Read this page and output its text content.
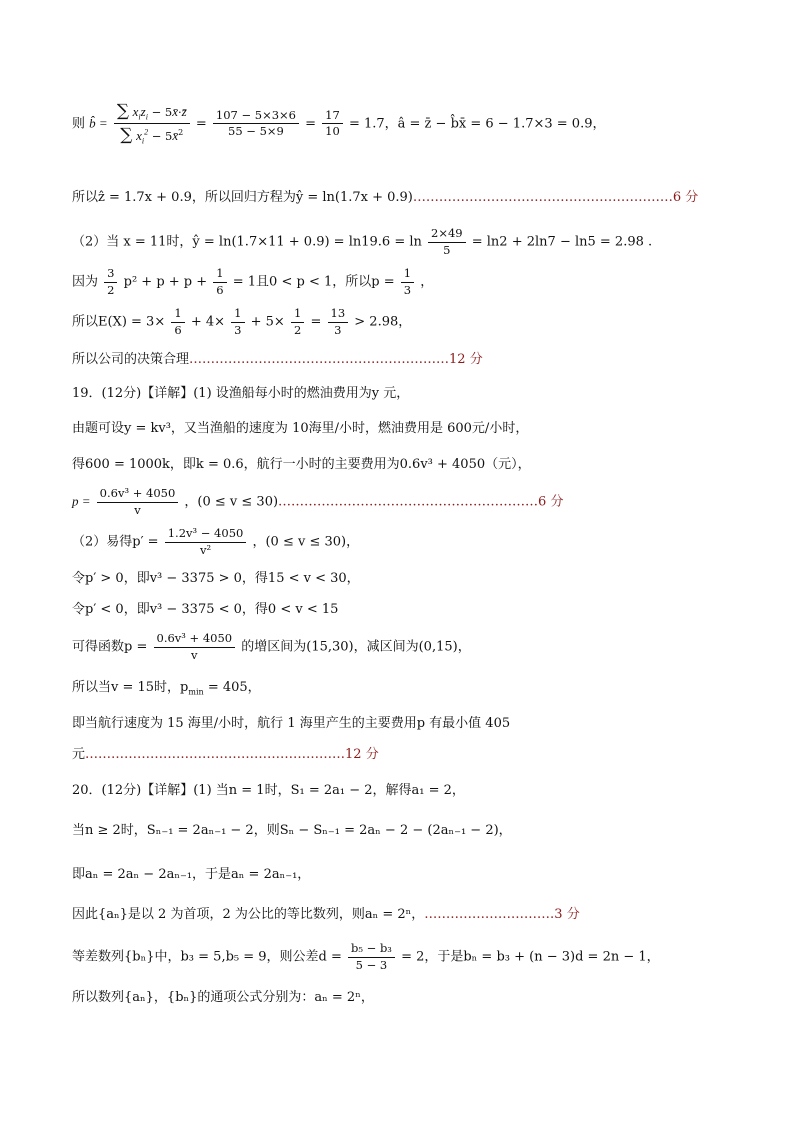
则 b̂ = $\frac{\sum x_iz_i - 5x̄\cdot z̄}{\sum x_i^2 - 5x̄^2} = \frac{107 - 5\times 3\times 6}{55 - 5\times 9} = \frac{17}{10} = 1.7$，â = z̄ − b̂x̄ = 6 − 1.7×3 = 0.9，
所以ẑ = 1.7x + 0.9，所以回归方程为ŷ = ln(1.7x + 0.9)……………………………………………………6 分
（2）当 x = 11时，ŷ = $\ln(1.7\times 11 + 0.9) = \ln 19.6 = \ln \frac{2\times 49}{5} = \ln 2 + 2\ln 7 - \ln 5 = 2.98$ .
因为 $\frac{3}{2} p^2 + p + p + \frac{1}{6} = 1$且0 < p < 1，所以$p = \frac{1}{3}$ ，
所以$E(X) = 3\times \frac{1}{6} + 4\times \frac{1}{3} + 5\times \frac{1}{2} = \frac{13}{3} > 2.98$，
所以公司的决策合理……………………………………………………12 分
19．(12分)【详解】(1) 设渔船每小时的燃油费用为y 元，
由题可设y = kv³，又当渔船的速度为 10海里/小时，燃油费用是 600元/小时，
得600 = 1000k，即k = 0.6，航行一小时的主要费用为0.6v³ + 4050（元），
$p = \frac{\text{0.6v³ + 4050}}{v}$ ，(0 ≤ v ≤ 30)……………………………………………………6 分
（2）易得$p' = \frac{\text{1.2v³ − 4050}}{\text{v²}}$ ，(0 ≤ v ≤ 30)，
令p′ > 0，即v³ − 3375 > 0，得15 < v < 30，
令p′ < 0，即v³ − 3375 < 0，得0 < v < 15
可得函数$p = \frac{\text{0.6v³ + 4050}}{v}$ 的增区间为(15,30)，减区间为(0,15)，
所以当v = 15时，$p_{min} = 405$，
即当航行速度为 15 海里/小时，航行 1 海里产生的主要费用p 有最小值 405
元……………………………………………………12 分
20．(12分)【详解】(1) 当n = 1时，S₁ = 2a₁ − 2，解得a₁ = 2，
当n ≥ 2时，Sₙ₋₁ = 2aₙ₋₁ − 2，则Sₙ − Sₙ₋₁ = 2aₙ − 2 − (2aₙ₋₁ − 2)，
即aₙ = 2aₙ − 2aₙ₋₁，于是aₙ = 2aₙ₋₁，
因此{aₙ}是以 2 为首项，2 为公比的等比数列，则aₙ = 2ⁿ，…………………………3 分
等差数列{bₙ}中，b₃ = 5,b₅ = 9，则公差$d = \frac{\text{b₅ − b₃}}{5 - 3} = 2$，于是bₙ = b₃ + (n − 3)d = 2n − 1，
所以数列{aₙ}，{bₙ}的通项公式分别为：aₙ = 2ⁿ，
